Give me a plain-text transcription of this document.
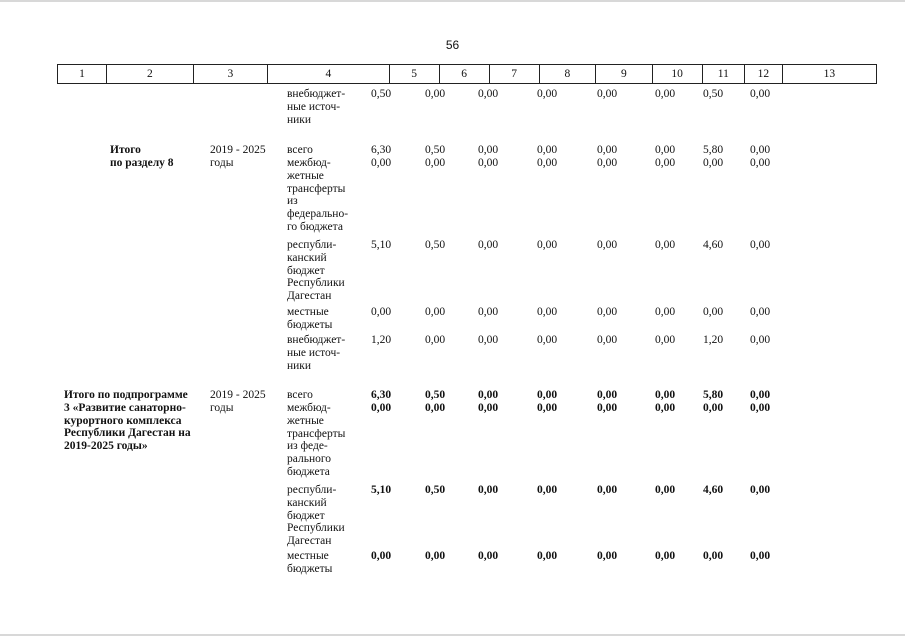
56
1	2	3	4	5	6	7	8	9	10	11	12	13
внебюджет-
ные источ-
ники
0,50	0,00	0,00	0,00	0,00	0,00	0,50	0,00
Итого
по разделу 8
2019 - 2025
годы
всего	6,30	0,50	0,00	0,00	0,00	0,00	5,80	0,00
межбюд-
жетные
трансферты
из
федерально-
го бюджета
0,00	0,00	0,00	0,00	0,00	0,00	0,00	0,00
республи-
канский
бюджет
Республики
Дагестан
5,10	0,50	0,00	0,00	0,00	0,00	4,60	0,00
местные
бюджеты
0,00	0,00	0,00	0,00	0,00	0,00	0,00	0,00
внебюджет-
ные источ-
ники
1,20	0,00	0,00	0,00	0,00	0,00	1,20	0,00
Итого по подпрограмме
3 «Развитие санаторно-
курортного комплекса
Республики Дагестан на
2019-2025 годы»
2019 - 2025
годы
всего	6,30	0,50	0,00	0,00	0,00	0,00	5,80	0,00
межбюд-
жетные
трансферты
из феде-
рального
бюджета
0,00	0,00	0,00	0,00	0,00	0,00	0,00	0,00
республи-
канский
бюджет
Республики
Дагестан
5,10	0,50	0,00	0,00	0,00	0,00	4,60	0,00
местные
бюджеты
0,00	0,00	0,00	0,00	0,00	0,00	0,00	0,00
